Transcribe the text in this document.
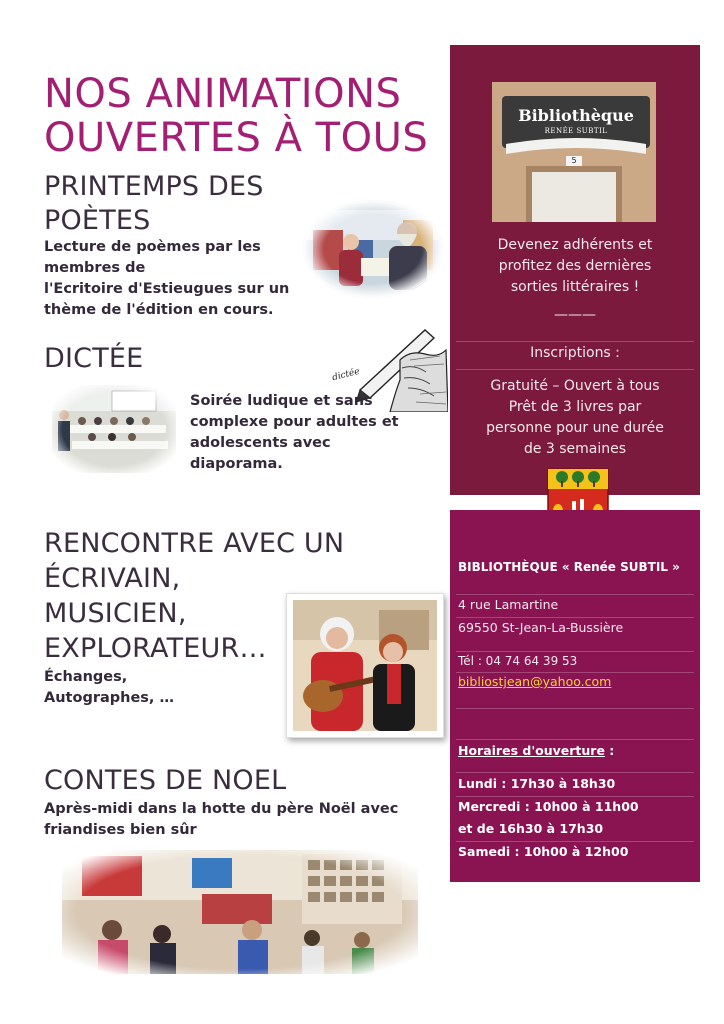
NOS ANIMATIONS
OUVERTES À TOUS
PRINTEMPS DES
POÈTES
Lecture de poèmes par les
membres de
l'Ecritoire d'Estieugues sur un
thème de l'édition en cours.
DICTÉE
dictée
Soirée ludique et sans
complexe pour adultes et
adolescents avec
diaporama.
RENCONTRE AVEC UN
ÉCRIVAIN,
MUSICIEN,
EXPLORATEUR…
Échanges,
Autographes, …
CONTES DE NOEL
Après-midi dans la hotte du père Noël avec
friandises bien sûr
Bibliothèque
RENÉE SUBTIL
5
Devenez adhérents et
profitez des dernières
sorties littéraires !
———
Inscriptions :
Gratuité – Ouvert à tous
Prêt de 3 livres par
personne pour une durée
de 3 semaines
BIBLIOTHÈQUE « Renée SUBTIL »
4 rue Lamartine
69550 St-Jean-La-Bussière
Tél : 04 74 64 39 53
bibliostjean@yahoo.com
Horaires d'ouverture :
Lundi : 17h30 à 18h30
Mercredi : 10h00 à 11h00
et de 16h30 à 17h30
Samedi : 10h00 à 12h00
